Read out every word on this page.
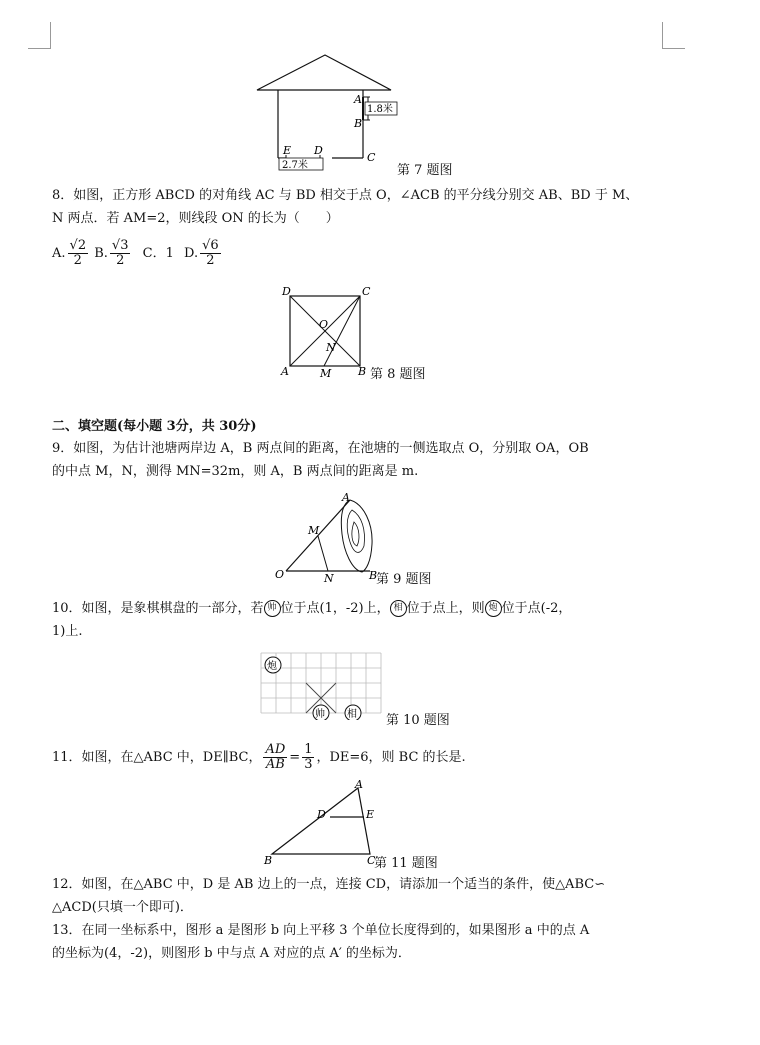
1.8米
A
B
C
2.7米
E D
第 7 题图
8．如图，正方形 ABCD 的对角线 AC 与 BD 相交于点 O，∠ACB 的平分线分别交 AB、BD 于 M、
N 两点．若 AM=2，则线段 ON 的长为（　　）
A. $\frac{√2}{2} B$. $\frac{√3}{2}$ C．1 D. $\frac{√6}{2}$
D	C
O
N
A	M B 第 8 题图
二、填空题(每小题 3分，共 30分)
9．如图，为估计池塘两岸边 A，B 两点间的距离，在池塘的一侧选取点 O，分别取 OA，OB
的中点 M，N，测得 MN=32m，则 A，B 两点间的距离是 m.
A
M
O	N	B
第 9 题图
10．如图，是象棋棋盘的一部分，若 帅 位于点(1，-2)上， 相 位于点上，则 炮 位于点(-2，
1)上.
炮
帅 相 第 10 题图
11．如图，在△ABC 中，DE∥BC， $\frac{AD}{AB} = \frac{1}{3}$ ，DE=6，则 BC 的长是.
A
D	E
B	C
第 11 题图
12．如图，在△ABC 中，D 是 AB 边上的一点，连接 CD，请添加一个适当的条件，使△ABC∽
△ACD(只填一个即可)．
13．在同一坐标系中，图形 a 是图形 b 向上平移 3 个单位长度得到的，如果图形 a 中的点 A
的坐标为(4，-2)，则图形 b 中与点 A 对应的点 A′ 的坐标为．
